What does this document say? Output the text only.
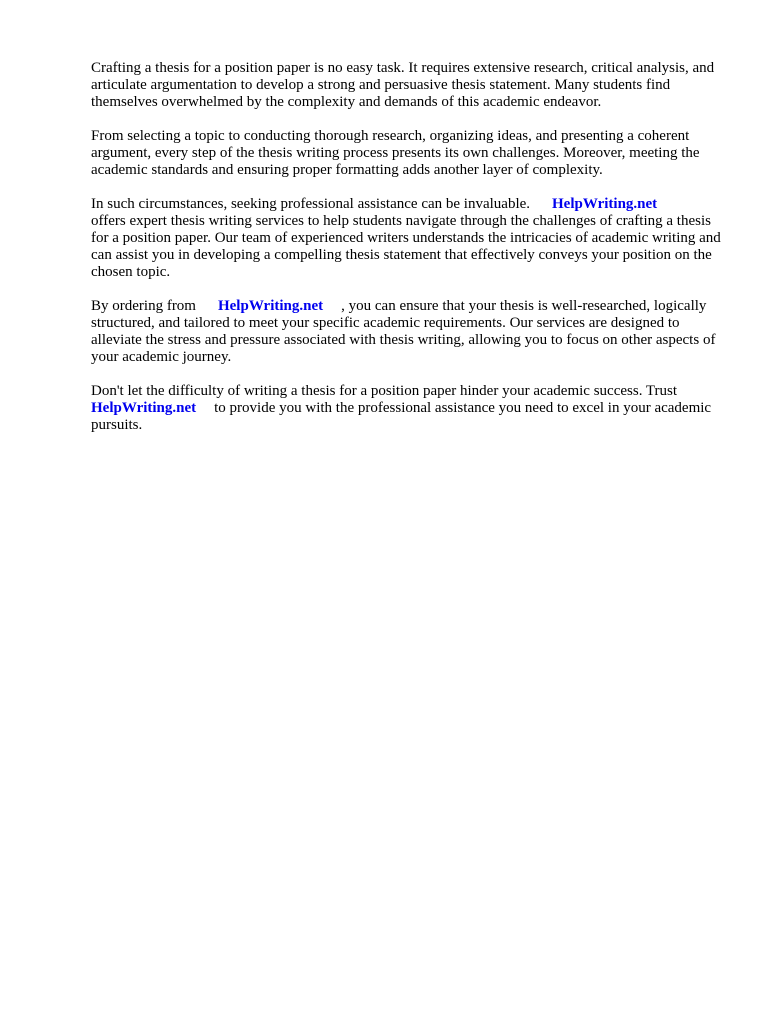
Crafting a thesis for a position paper is no easy task. It requires extensive research, critical analysis, and articulate argumentation to develop a strong and persuasive thesis statement. Many students find themselves overwhelmed by the complexity and demands of this academic endeavor.

From selecting a topic to conducting thorough research, organizing ideas, and presenting a coherent argument, every step of the thesis writing process presents its own challenges. Moreover, meeting the academic standards and ensuring proper formatting adds another layer of complexity.

In such circumstances, seeking professional assistance can be invaluable. HelpWriting.net
offers expert thesis writing services to help students navigate through the challenges of crafting a thesis for a position paper. Our team of experienced writers understands the intricacies of academic writing and can assist you in developing a compelling thesis statement that effectively conveys your position on the chosen topic.

By ordering from HelpWriting.net , you can ensure that your thesis is well-researched, logically structured, and tailored to meet your specific academic requirements. Our services are designed to alleviate the stress and pressure associated with thesis writing, allowing you to focus on other aspects of your academic journey.

Don't let the difficulty of writing a thesis for a position paper hinder your academic success. Trust
HelpWriting.net to provide you with the professional assistance you need to excel in your academic pursuits.
